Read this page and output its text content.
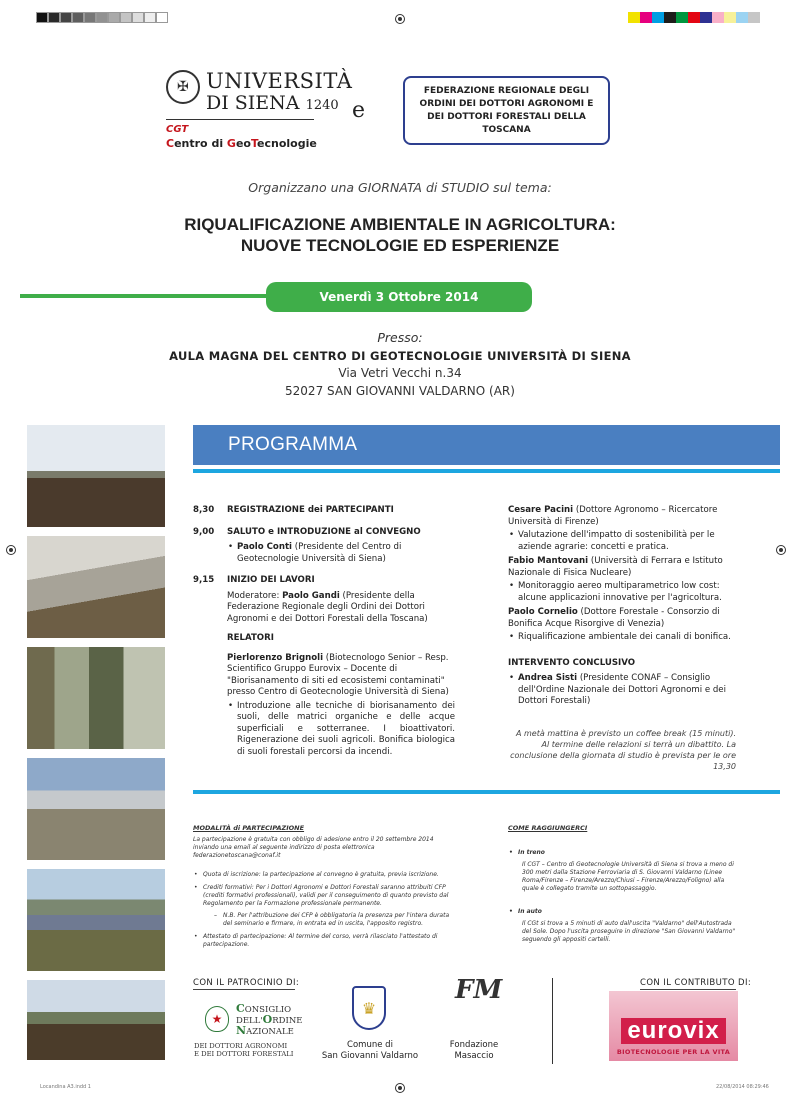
✠ UNIVERSITÀ
DI SIENA 1240
CGT
Centro di GeoTecnologie
e
FEDERAZIONE REGIONALE DEGLI ORDINI DEI DOTTORI AGRONOMI E DEI DOTTORI FORESTALI DELLA TOSCANA
Organizzano una GIORNATA di STUDIO sul tema:
RIQUALIFICAZIONE AMBIENTALE IN AGRICOLTURA:
NUOVE TECNOLOGIE ED ESPERIENZE
Venerdì 3 Ottobre 2014
Presso:
AULA MAGNA DEL CENTRO DI GEOTECNOLOGIE UNIVERSITÀ DI SIENA
Via Vetri Vecchi n.34
52027 SAN GIOVANNI VALDARNO (AR)
PROGRAMMA
8,30	REGISTRAZIONE dei PARTECIPANTI
9,00	SALUTO e INTRODUZIONE al CONVEGNO
• Paolo Conti (Presidente del Centro di Geotecnologie Università di Siena)
9,15	INIZIO DEI LAVORI
Moderatore: Paolo Gandi (Presidente della Federazione Regionale degli Ordini dei Dottori Agronomi e dei Dottori Forestali della Toscana)
RELATORI
Pierlorenzo Brignoli (Biotecnologo Senior – Resp. Scientifico Gruppo Eurovix – Docente di "Biorisanamento di siti ed ecosistemi contaminati" presso Centro di Geotecnologie Università di Siena)
• Introduzione alle tecniche di biorisanamento dei suoli, delle matrici organiche e delle acque superficiali e sotterranee. I bioattivatori. Rigenerazione dei suoli agricoli. Bonifica biologica di suoli forestali percorsi da incendi.
Cesare Pacini (Dottore Agronomo – Ricercatore Università di Firenze)
• Valutazione dell'impatto di sostenibilità per le aziende agrarie: concetti e pratica.
Fabio Mantovani (Università di Ferrara e Istituto Nazionale di Fisica Nucleare)
• Monitoraggio aereo multiparametrico low cost: alcune applicazioni innovative per l'agricoltura.
Paolo Cornelio (Dottore Forestale - Consorzio di Bonifica Acque Risorgive di Venezia)
• Riqualificazione ambientale dei canali di bonifica.
INTERVENTO CONCLUSIVO
• Andrea Sisti (Presidente CONAF – Consiglio dell'Ordine Nazionale dei Dottori Agronomi e dei Dottori Forestali)
A metà mattina è previsto un coffee break (15 minuti).
Al termine delle relazioni si terrà un dibattito. La conclusione della giornata di studio è prevista per le ore 13,30
MODALITÀ di PARTECIPAZIONE
La partecipazione è gratuita con obbligo di adesione entro il 20 settembre 2014 inviando una email al seguente indirizzo di posta elettronica federazionetoscana@conaf.it
• Quota di iscrizione: la partecipazione al convegno è gratuita, previa iscrizione.
• Crediti formativi: Per i Dottori Agronomi e Dottori Forestali saranno attribuiti CFP (crediti formativi professionali), validi per il conseguimento di quanto previsto dal Regolamento per la Formazione professionale permanente.
–	N.B. Per l'attribuzione dei CFP è obbligatoria la presenza per l'intera durata del seminario e firmare, in entrata ed in uscita, l'apposito registro.
• Attestato di partecipazione: Al termine del corso, verrà rilasciato l'attestato di partecipazione.
COME RAGGIUNGERCI
• In treno
Il CGT – Centro di Geotecnologie Università di Siena si trova a meno di 300 metri dalla Stazione Ferroviaria di S. Giovanni Valdarno (Linee Roma/Firenze – Firenze/Arezzo/Chiusi – Firenze/Arezzo/Foligno) alla quale è collegato tramite un sottopassaggio.
• In auto
Il CGt si trova a 5 minuti di auto dall'uscita "Valdarno" dell'Autostrada del Sole. Dopo l'uscita proseguire in direzione "San Giovanni Valdarno" seguendo gli appositi cartelli.
CON IL PATROCINIO DI:	CON IL CONTRIBUTO DI:
★
CONSIGLIO
DELL'ORDINE
NAZIONALE
DEI DOTTORI AGRONOMI
E DEI DOTTORI FORESTALI
♛
Comune di
San Giovanni Valdarno
FM
Fondazione
Masaccio
eurovix
BIOTECNOLOGIE PER LA VITA
Locandina A3.indd 1	22/08/2014 08:29:46
